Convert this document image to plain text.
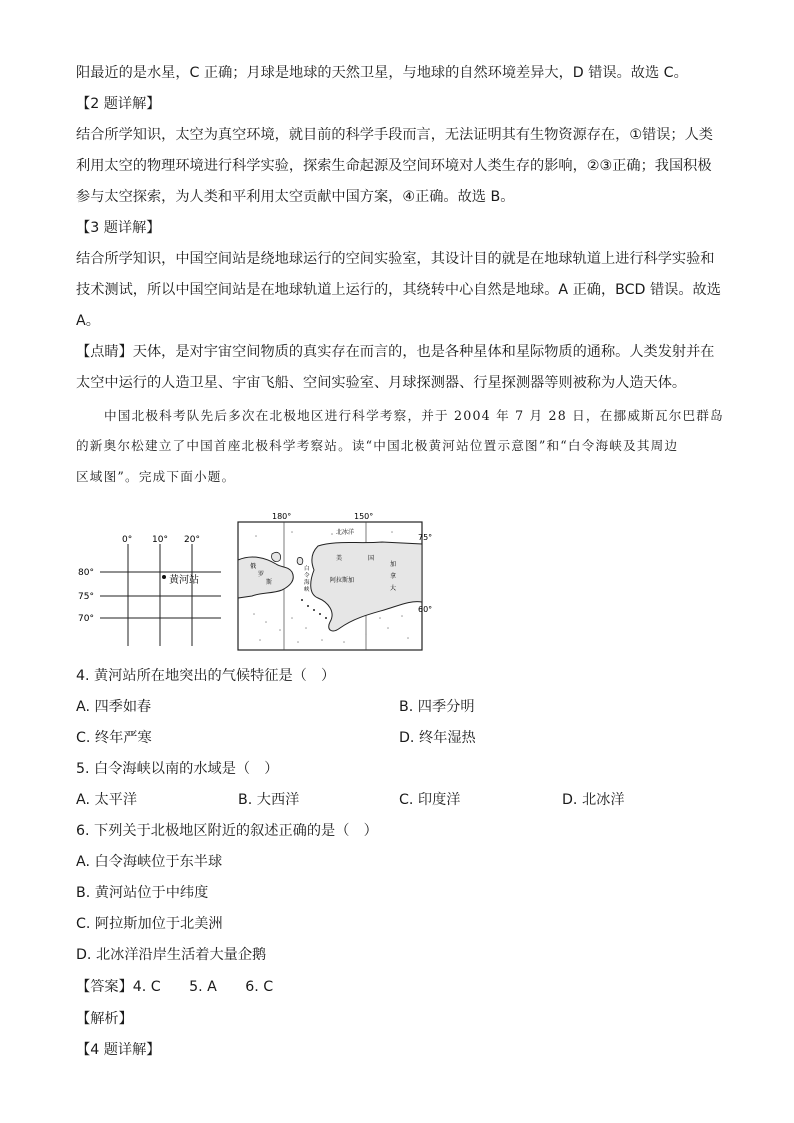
阳最近的是水星，C 正确；月球是地球的天然卫星，与地球的自然环境差异大，D 错误。故选 C。
【2 题详解】
结合所学知识，太空为真空环境，就目前的科学手段而言，无法证明其有生物资源存在，①错误；人类
利用太空的物理环境进行科学实验，探索生命起源及空间环境对人类生存的影响，②③正确；我国积极
参与太空探索，为人类和平利用太空贡献中国方案，④正确。故选 B。
【3 题详解】
结合所学知识，中国空间站是绕地球运行的空间实验室，其设计目的就是在地球轨道上进行科学实验和
技术测试，所以中国空间站是在地球轨道上运行的，其绕转中心自然是地球。A 正确，BCD 错误。故选
A。
【点睛】天体，是对宇宙空间物质的真实存在而言的，也是各种星体和星际物质的通称。人类发射并在
太空中运行的人造卫星、宇宙飞船、空间实验室、月球探测器、行星探测器等则被称为人造天体。
中国北极科考队先后多次在北极地区进行科学考察，并于 2004 年 7 月 28 日，在挪威斯瓦尔巴群岛
的新奥尔松建立了中国首座北极科学考察站。读“中国北极黄河站位置示意图”和“白令海峡及其周边
区域图”。完成下面小题。
0° 10° 20°
80°
75°
70°
黄河站
180°	150°
75°
60°
俄
罗
斯
白
令
海
峡
美	国
阿拉斯加
加
拿
大
北冰洋
4. 黄河站所在地突出的气候特征是（　）
A. 四季如春	B. 四季分明
C. 终年严寒	D. 终年湿热
5. 白令海峡以南的水域是（　）
A. 太平洋	B. 大西洋	C. 印度洋	D. 北冰洋
6. 下列关于北极地区附近的叙述正确的是（　）
A. 白令海峡位于东半球
B. 黄河站位于中纬度
C. 阿拉斯加位于北美洲
D. 北冰洋沿岸生活着大量企鹅
【答案】4. C　　5. A　　6. C
【解析】
【4 题详解】
